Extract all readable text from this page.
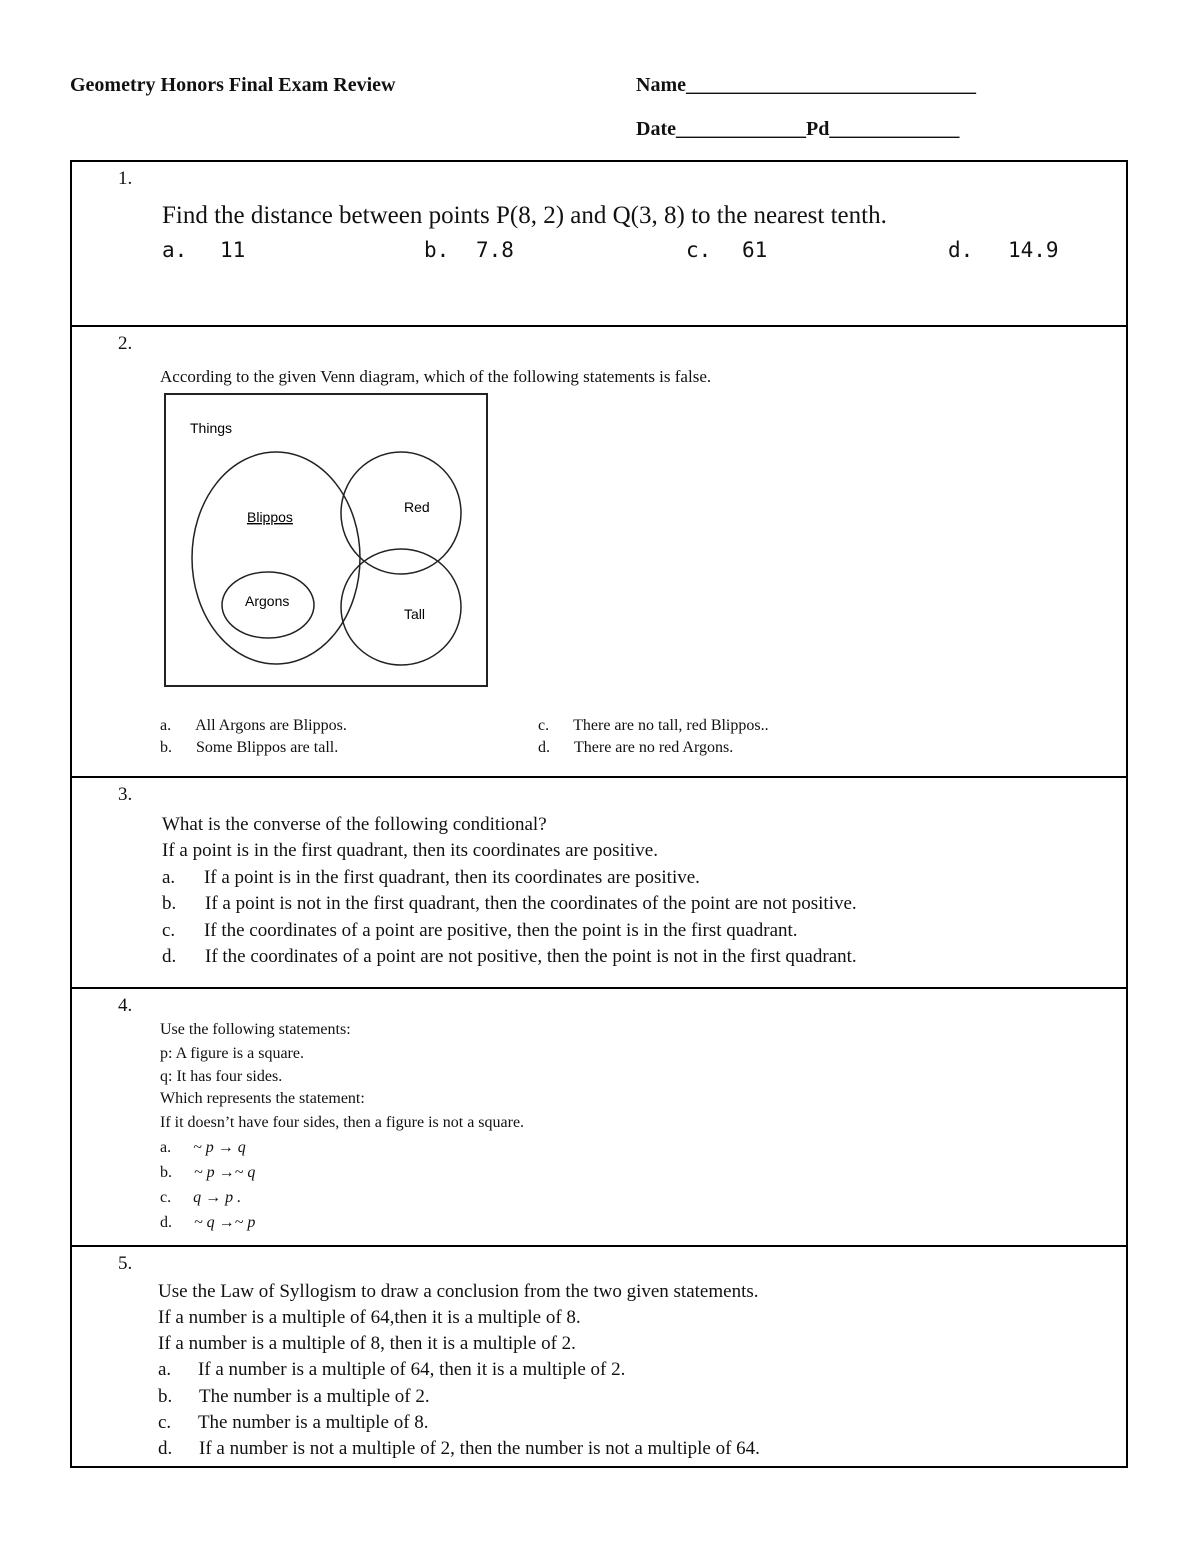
Geometry Honors Final Exam Review	Name_____________________________
Date_____________Pd_____________
1.
Find the distance between points P(8, 2) and Q(3, 8) to the nearest tenth.
a. 11	b. 7.8	c. 61	d. 14.9
2.
According to the given Venn diagram, which of the following statements is false.
Things
Blippos
Argons
Red
Tall
a. All Argons are Blippos.
b. Some Blippos are tall.
c. There are no tall, red Blippos..
d. There are no red Argons.
3.
What is the converse of the following conditional?
If a point is in the first quadrant, then its coordinates are positive.
a. If a point is in the first quadrant, then its coordinates are positive.
b. If a point is not in the first quadrant, then the coordinates of the point are not positive.
c. If the coordinates of a point are positive, then the point is in the first quadrant.
d. If the coordinates of a point are not positive, then the point is not in the first quadrant.
4.
Use the following statements:
p: A figure is a square.
q: It has four sides.
Which represents the statement:
If it doesn’t have four sides, then a figure is not a square.
a. ~ p → q
b. ~ p →~ q
c. q → p .
d. ~ q →~ p
5.
Use the Law of Syllogism to draw a conclusion from the two given statements.
If a number is a multiple of 64,then it is a multiple of 8.
If a number is a multiple of 8, then it is a multiple of 2.
a. If a number is a multiple of 64, then it is a multiple of 2.
b. The number is a multiple of 2.
c. The number is a multiple of 8.
d. If a number is not a multiple of 2, then the number is not a multiple of 64.
